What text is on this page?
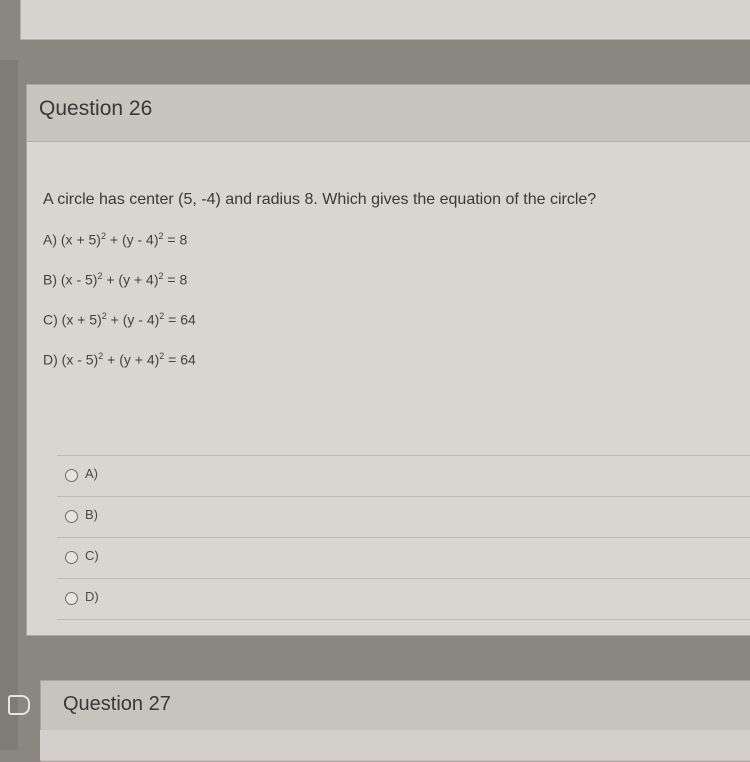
Question 26
A circle has center (5, -4) and radius 8. Which gives the equation of the circle?
A) $(x + 5)^2 + (y - 4)^2 = 8$
B) $(x - 5)^2 + (y + 4)^2 = 8$
C) $(x + 5)^2 + (y - 4)^2 = 64$
D) $(x - 5)^2 + (y + 4)^2 = 64$
A)
B)
C)
D)
Question 27
